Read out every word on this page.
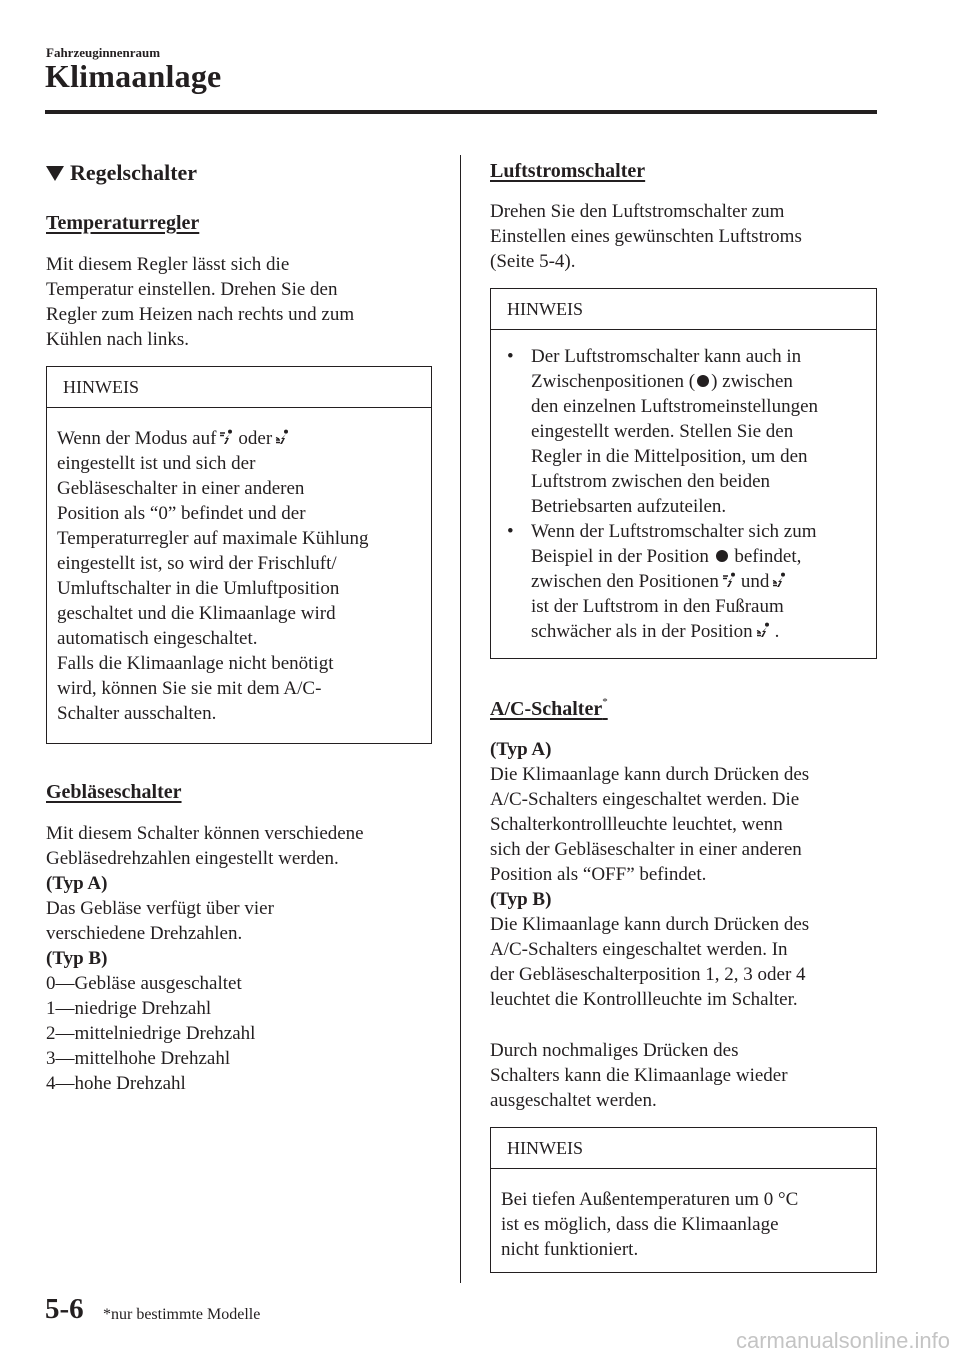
Fahrzeuginnenraum
Klimaanlage
Regelschalter
Temperaturregler

Mit diesem Regler lässt sich die

Temperatur einstellen. Drehen Sie den

Regler zum Heizen nach rechts und zum

Kühlen nach links.

HINWEIS

Wenn der Modus auf oder

eingestellt ist und sich der

Gebläseschalter in einer anderen

Position als “0” befindet und der

Temperaturregler auf maximale Kühlung

eingestellt ist, so wird der Frischluft/

Umluftschalter in die Umluftposition

geschaltet und die Klimaanlage wird

automatisch eingeschaltet.

Falls die Klimaanlage nicht benötigt

wird, können Sie sie mit dem A/C-

Schalter ausschalten.

Gebläseschalter

Mit diesem Schalter können verschiedene

Gebläsedrehzahlen eingestellt werden.

(Typ A)

Das Gebläse verfügt über vier

verschiedene Drehzahlen.

(Typ B)

0—Gebläse ausgeschaltet

1—niedrige Drehzahl

2—mittelniedrige Drehzahl

3—mittelhohe Drehzahl

4—hohe Drehzahl

Luftstromschalter

Drehen Sie den Luftstromschalter zum

Einstellen eines gewünschten Luftstroms

(Seite 5-4).

HINWEIS
• Der Luftstromschalter kann auch in
Zwischenpositionen ( ) zwischen
den einzelnen Luftstromeinstellungen
eingestellt werden. Stellen Sie den
Regler in die Mittelposition, um den
Luftstrom zwischen den beiden
Betriebsarten aufzuteilen.
• Wenn der Luftstromschalter sich zum
Beispiel in der Position befindet,
zwischen den Positionen und
ist der Luftstrom in den Fußraum
schwächer als in der Position .
A/C-Schalter*

(Typ A)

Die Klimaanlage kann durch Drücken des

A/C-Schalters eingeschaltet werden. Die

Schalterkontrollleuchte leuchtet, wenn

sich der Gebläseschalter in einer anderen

Position als “OFF” befindet.

(Typ B)

Die Klimaanlage kann durch Drücken des

A/C-Schalters eingeschaltet werden. In

der Gebläseschalterposition 1, 2, 3 oder 4

leuchtet die Kontrollleuchte im Schalter.

Durch nochmaliges Drücken des

Schalters kann die Klimaanlage wieder

ausgeschaltet werden.

HINWEIS

Bei tiefen Außentemperaturen um 0 °C

ist es möglich, dass die Klimaanlage

nicht funktioniert.

5-6 *nur bestimmte Modelle
carmanualsonline.info
